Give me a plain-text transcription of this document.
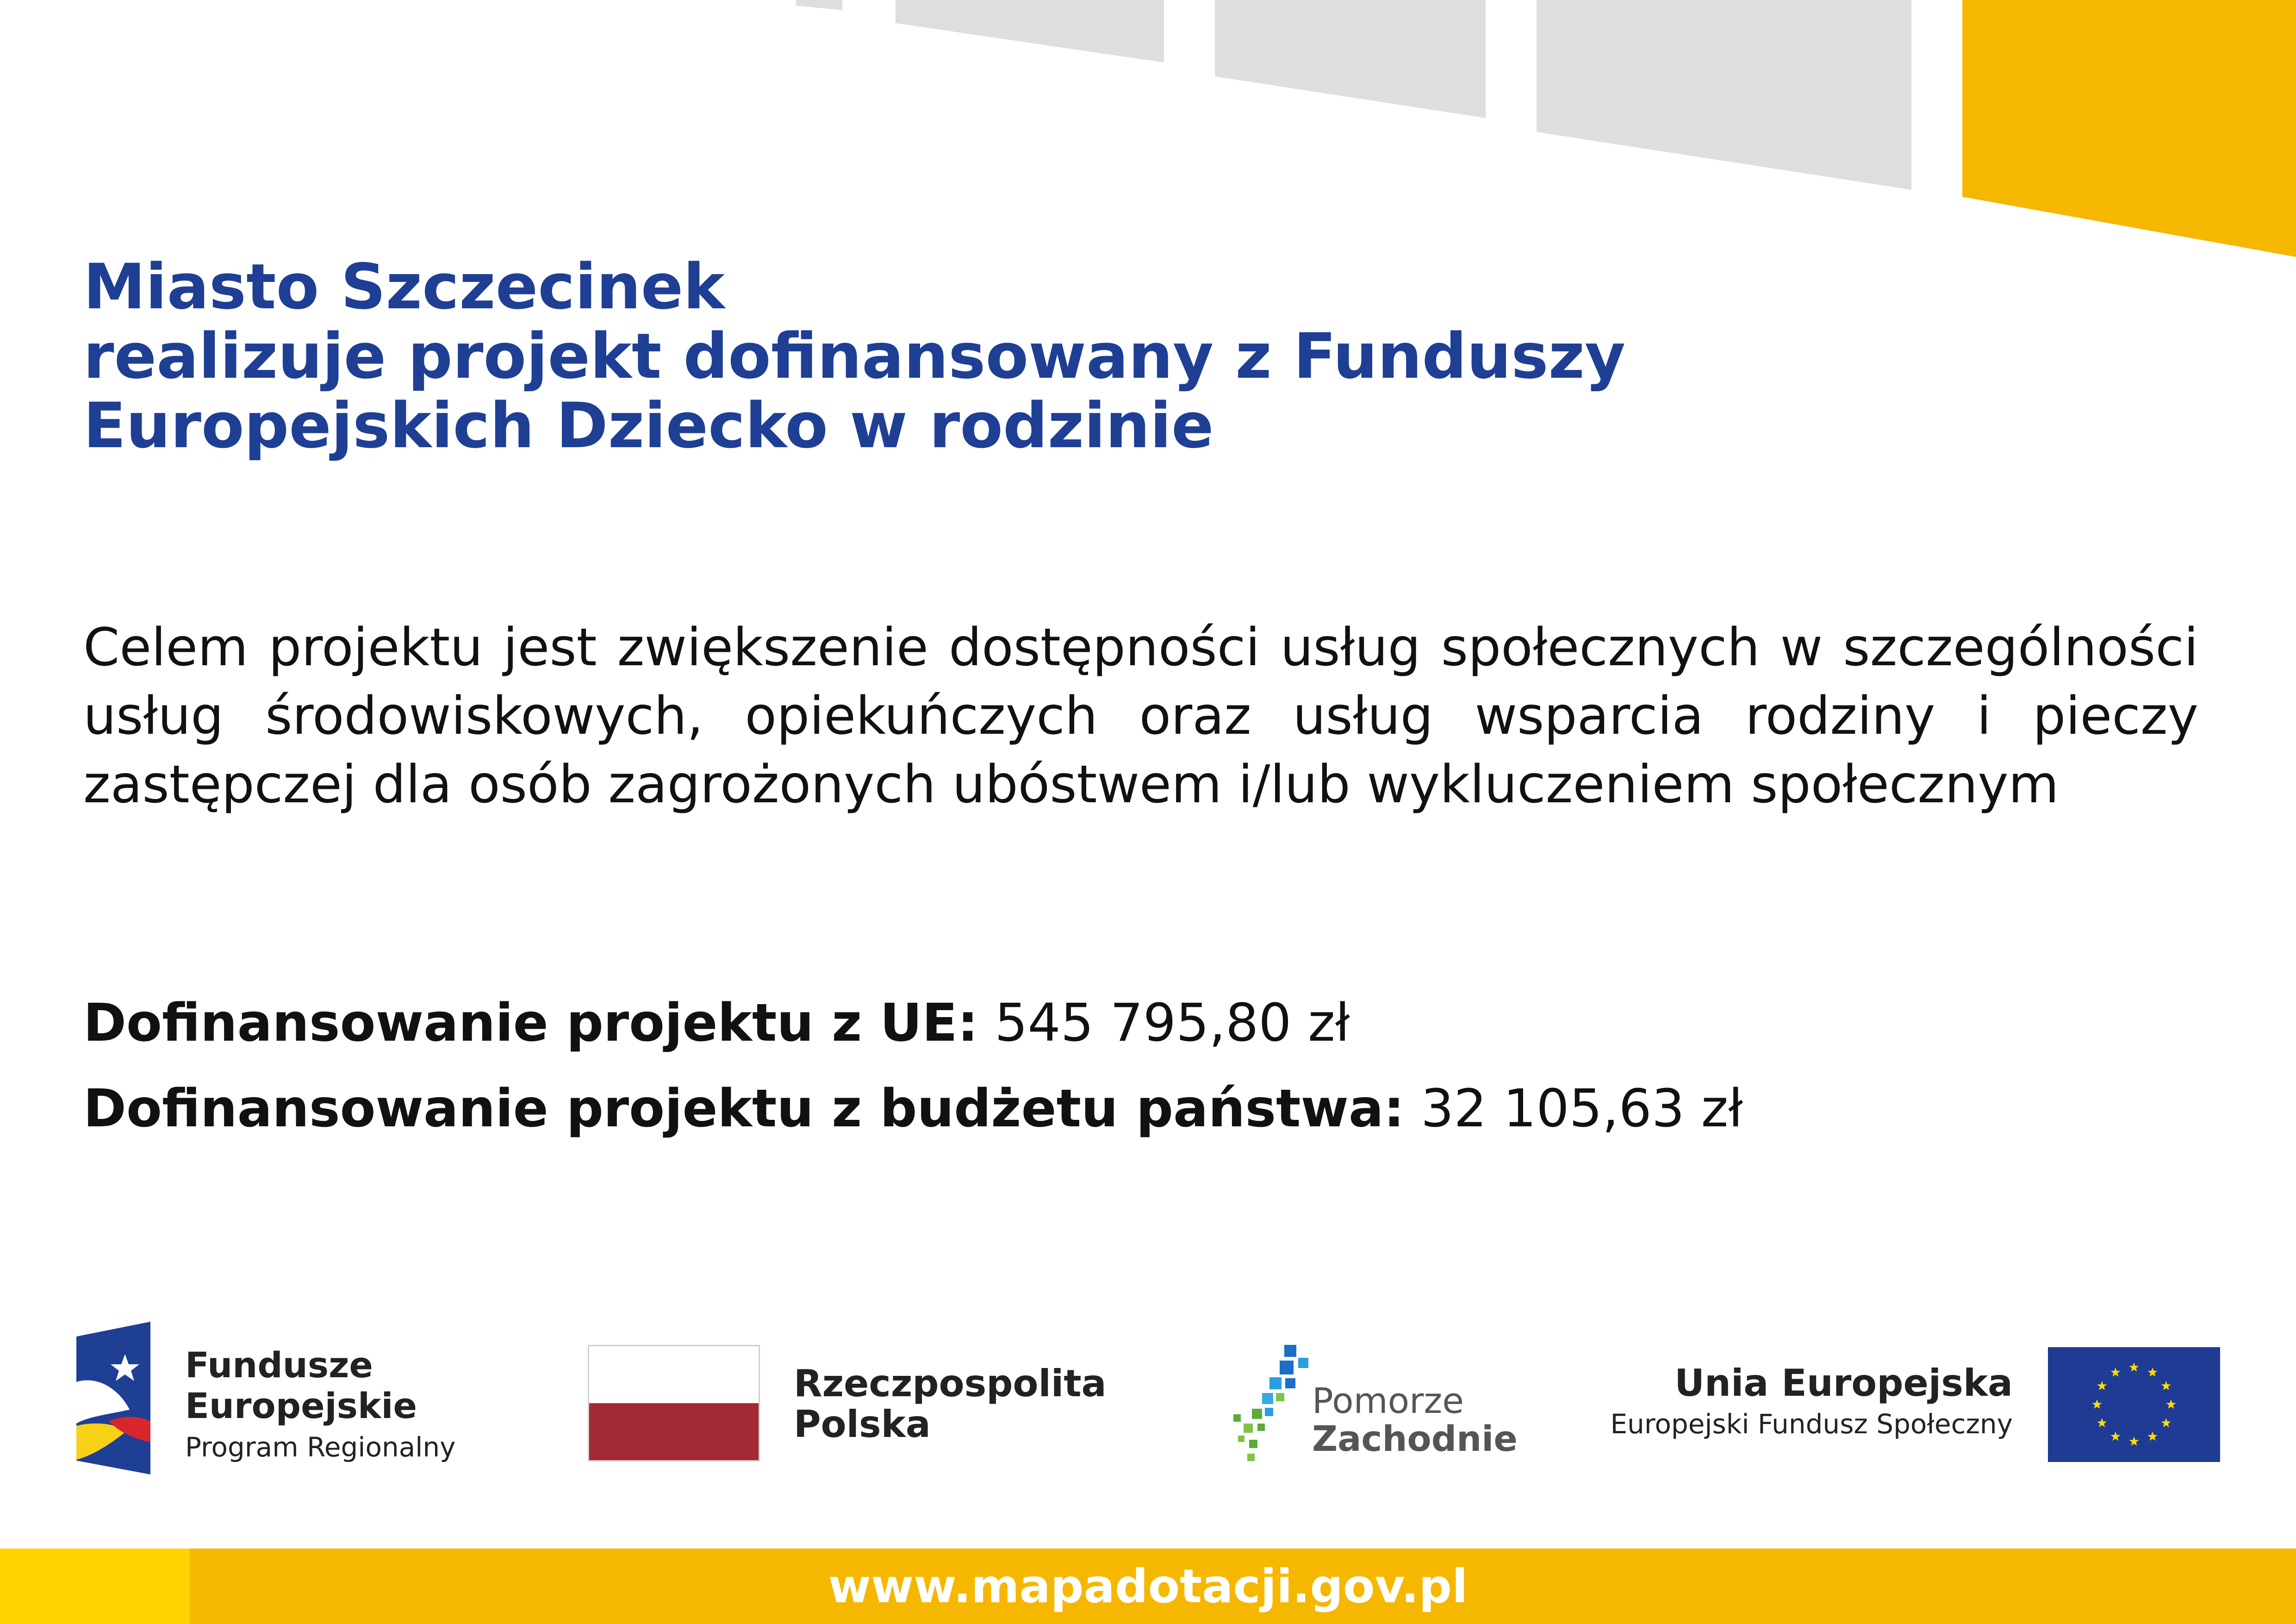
Miasto Szczecinek
realizuje projekt dofinansowany z Funduszy
Europejskich Dziecko w rodzinie

Celem projektu jest zwiększenie dostępności usług społecznych w szczególności usług środowiskowych, opiekuńczych oraz usług wsparcia rodziny i pieczy zastępczej dla osób zagrożonych ubóstwem i/lub wykluczeniem społecznym

Dofinansowanie projektu z UE: 545 795,80 zł

Dofinansowanie projektu z budżetu państwa: 32 105,63 zł

Fundusze
Europejskie
Program Regionalny
Rzeczpospolita
Polska
Pomorze
Zachodnie
Unia Europejska
Europejski Fundusz Społeczny
www.mapadotacji.gov.pl
